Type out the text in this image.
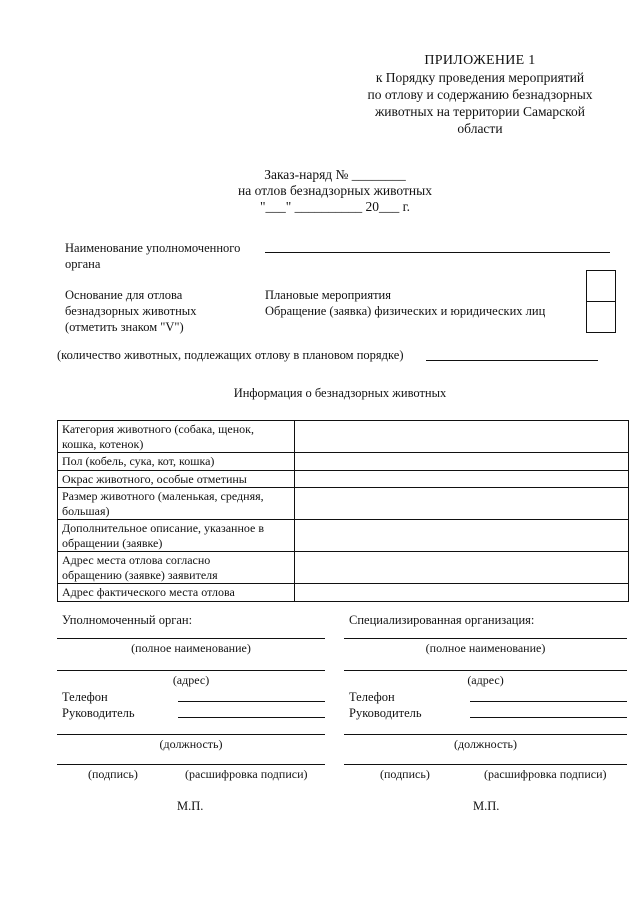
ПРИЛОЖЕНИЕ 1
к Порядку проведения мероприятий
по отлову и содержанию безнадзорных
животных на территории Самарской
области
Заказ-наряд № ________
на отлов безнадзорных животных
"___" __________ 20___ г.
Наименование уполномоченного
органа
Основание для отлова
безнадзорных животных
(отметить знаком "V")
Плановые мероприятия
Обращение (заявка) физических и юридических лиц
(количество животных, подлежащих отлову в плановом порядке)
Информация о безнадзорных животных
Категория животного (собака, щенок,
кошка, котенок)	

Пол (кобель, сука, кот, кошка)	

Окрас животного, особые отметины	

Размер животного (маленькая, средняя,
большая)	

Дополнительное описание, указанное в
обращении (заявке)	

Адрес места отлова согласно
обращению (заявке) заявителя	

Адрес фактического места отлова	

Уполномоченный орган:
(полное наименование)
(адрес)
Телефон
Руководитель
(должность)
(подпись)	(расшифровка подписи)
М.П.
Специализированная организация:
(полное наименование)
(адрес)
Телефон
Руководитель
(должность)
(подпись)	(расшифровка подписи)
М.П.
